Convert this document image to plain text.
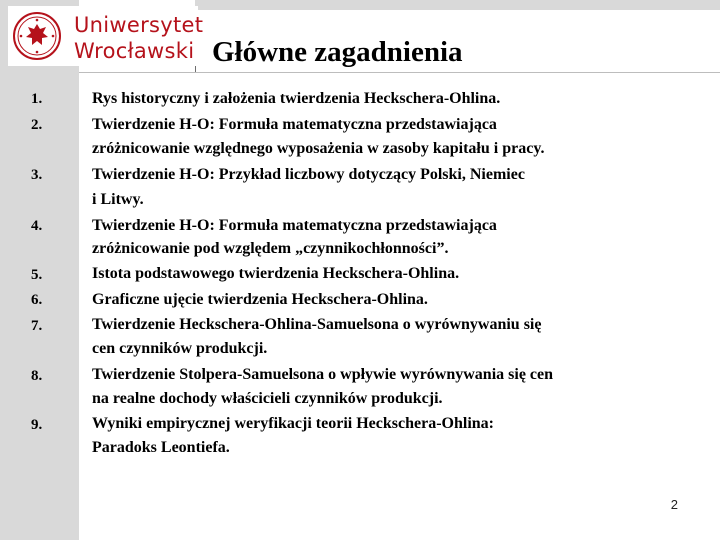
Uniwersytet
Wrocławski Główne zagadnienia
1.	Rys historyczny i założenia twierdzenia Heckschera-Ohlina.
2.	Twierdzenie H-O: Formuła matematyczna przedstawiająca
zróżnicowanie względnego wyposażenia w zasoby kapitału i pracy.
3.	Twierdzenie H-O: Przykład liczbowy dotyczący Polski, Niemiec
i Litwy.
4.	Twierdzenie H-O: Formuła matematyczna przedstawiająca
zróżnicowanie pod względem „czynnikochłonności”.
5.	Istota podstawowego twierdzenia Heckschera-Ohlina.
6.	Graficzne ujęcie twierdzenia Heckschera-Ohlina.
7.	Twierdzenie Heckschera-Ohlina-Samuelsona o wyrównywaniu się
cen czynników produkcji.
8.	Twierdzenie Stolpera-Samuelsona o wpływie wyrównywania się cen
na realne dochody właścicieli czynników produkcji.
9.	Wyniki empirycznej weryfikacji teorii Heckschera-Ohlina:
Paradoks Leontiefa.
2
